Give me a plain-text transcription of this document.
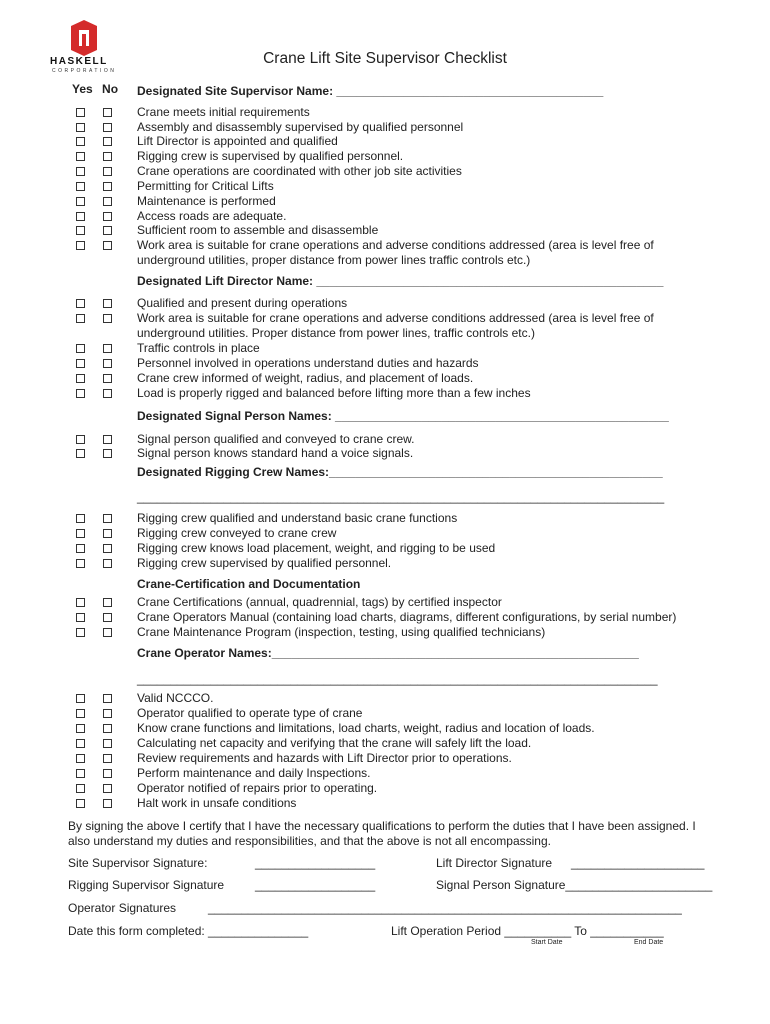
HASKELL
CORPORATION
Crane Lift Site Supervisor Checklist
Yes No	Designated Site Supervisor Name: ________________________________________
Crane meets initial requirements
Assembly and disassembly supervised by qualified personnel
Lift Director is appointed and qualified
Rigging crew is supervised by qualified personnel.
Crane operations are coordinated with other job site activities
Permitting for Critical Lifts
Maintenance is performed
Access roads are adequate.
Sufficient room to assemble and disassemble
Work area is suitable for crane operations and adverse conditions addressed (area is level free of underground utilities, proper distance from power lines traffic controls etc.)
Designated Lift Director Name: ____________________________________________________
Qualified and present during operations
Work area is suitable for crane operations and adverse conditions addressed (area is level free of underground utilities. Proper distance from power lines, traffic controls etc.)
Traffic controls in place
Personnel involved in operations understand duties and hazards
Crane crew informed of weight, radius, and placement of loads.
Load is properly rigged and balanced before lifting more than a few inches
Designated Signal Person Names: __________________________________________________
Signal person qualified and conveyed to crane crew.
Signal person knows standard hand a voice signals.
Designated Rigging Crew Names:__________________________________________________
_______________________________________________________________________________
Rigging crew qualified and understand basic crane functions
Rigging crew conveyed to crane crew
Rigging crew knows load placement, weight, and rigging to be used
Rigging crew supervised by qualified personnel.
Crane-Certification and Documentation
Crane Certifications (annual, quadrennial, tags) by certified inspector
Crane Operators Manual (containing load charts, diagrams, different configurations, by serial number)
Crane Maintenance Program (inspection, testing, using qualified technicians)
Crane Operator Names:_______________________________________________________
______________________________________________________________________________
Valid NCCCO.
Operator qualified to operate type of crane
Know crane functions and limitations, load charts, weight, radius and location of loads.
Calculating net capacity and verifying that the crane will safely lift the load.
Review requirements and hazards with Lift Director prior to operations.
Perform maintenance and daily Inspections.
Operator notified of repairs prior to operating.
Halt work in unsafe conditions
By signing the above I certify that I have the necessary qualifications to perform the duties that I have been assigned. I
also understand my duties and responsibilities, and that the above is not all encompassing.
Site Supervisor Signature:	__________________	Lift Director Signature ____________________
Rigging Supervisor Signature	__________________	Signal Person Signature______________________
Operator Signatures	_______________________________________________________________________
Date this form completed: _______________	Lift Operation Period __________ To ___________
Start Date	End Date
